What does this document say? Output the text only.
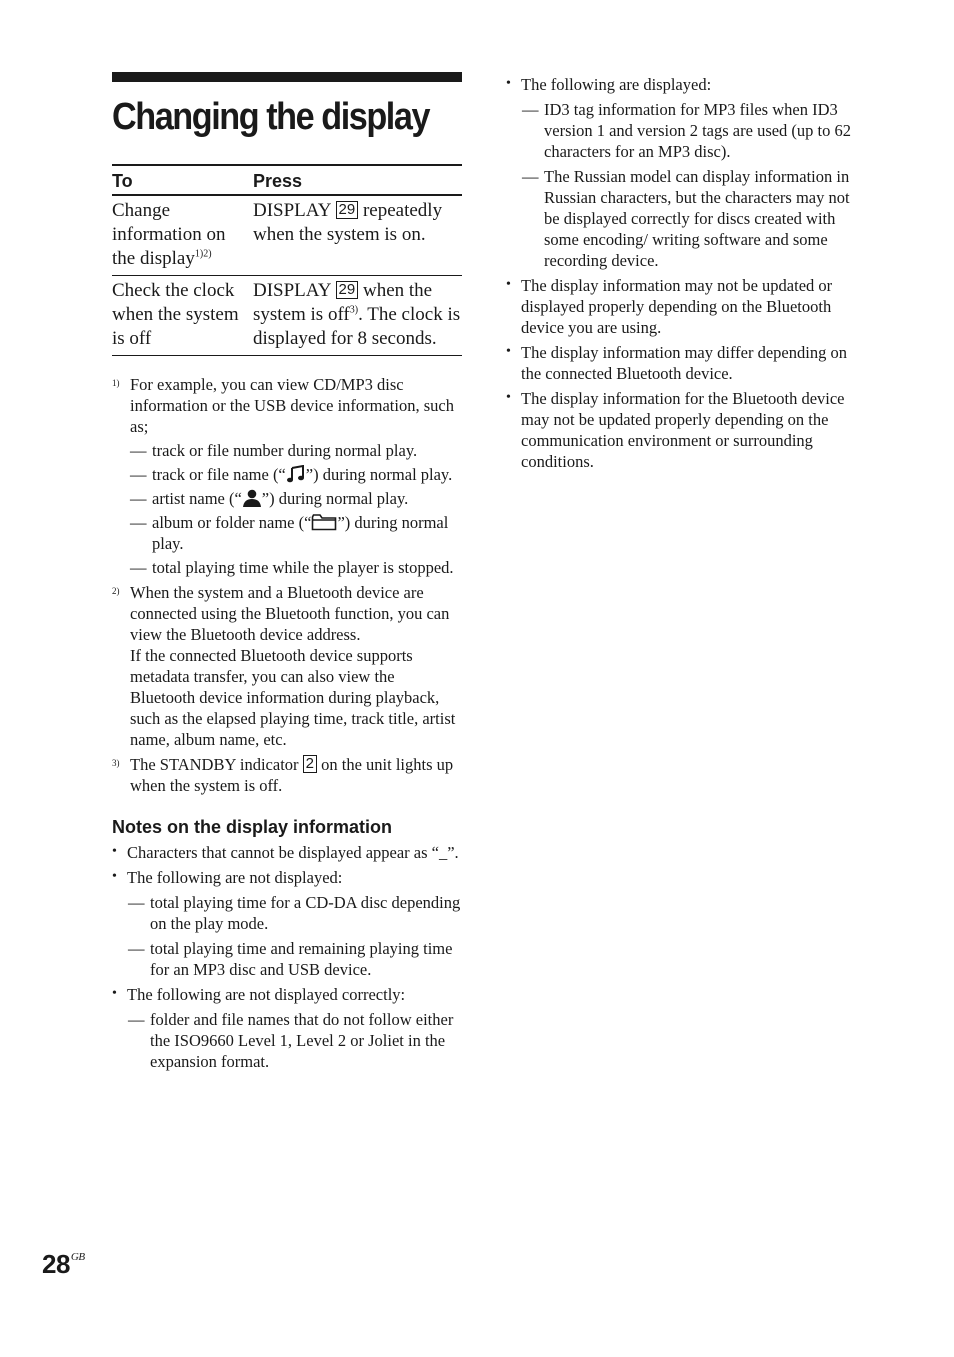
Changing the display
To	Press
Change information on the display$^{1)2)}$	DISPLAY 29 repeatedly when the system is on.
Check the clock when the system is off	DISPLAY 29 when the system is off$^{3)}$. The clock is displayed for 8 seconds.
1) For example, you can view CD/MP3 disc information or the USB device information, such as;
— track or file number during normal play.
— track or file name (“ ”) during normal play.
— artist name (“ ”) during normal play.
— album or folder name (“ ”) during normal play.
— total playing time while the player is stopped.
2) When the system and a Bluetooth device are connected using the Bluetooth function, you can view the Bluetooth device address.
If the connected Bluetooth device supports metadata transfer, you can also view the Bluetooth device information during playback, such as the elapsed playing time, track title, artist name, album name, etc.
3) The STANDBY indicator 2 on the unit lights up when the system is off.
Notes on the display information
• Characters that cannot be displayed appear as “_”.
• The following are not displayed:
— total playing time for a CD-DA disc depending on the play mode.
— total playing time and remaining playing time for an MP3 disc and USB device.
• The following are not displayed correctly:
— folder and file names that do not follow either the ISO9660 Level 1, Level 2 or Joliet in the expansion format.
• The following are displayed:
— ID3 tag information for MP3 files when ID3 version 1 and version 2 tags are used (up to 62 characters for an MP3 disc).
— The Russian model can display information in Russian characters, but the characters may not be displayed correctly for discs created with some encoding/ writing software and some recording device.
• The display information may not be updated or displayed properly depending on the Bluetooth device you are using.
• The display information may differ depending on the connected Bluetooth device.
• The display information for the Bluetooth device may not be updated properly depending on the communication environment or surrounding conditions.
$28^{GB}$
